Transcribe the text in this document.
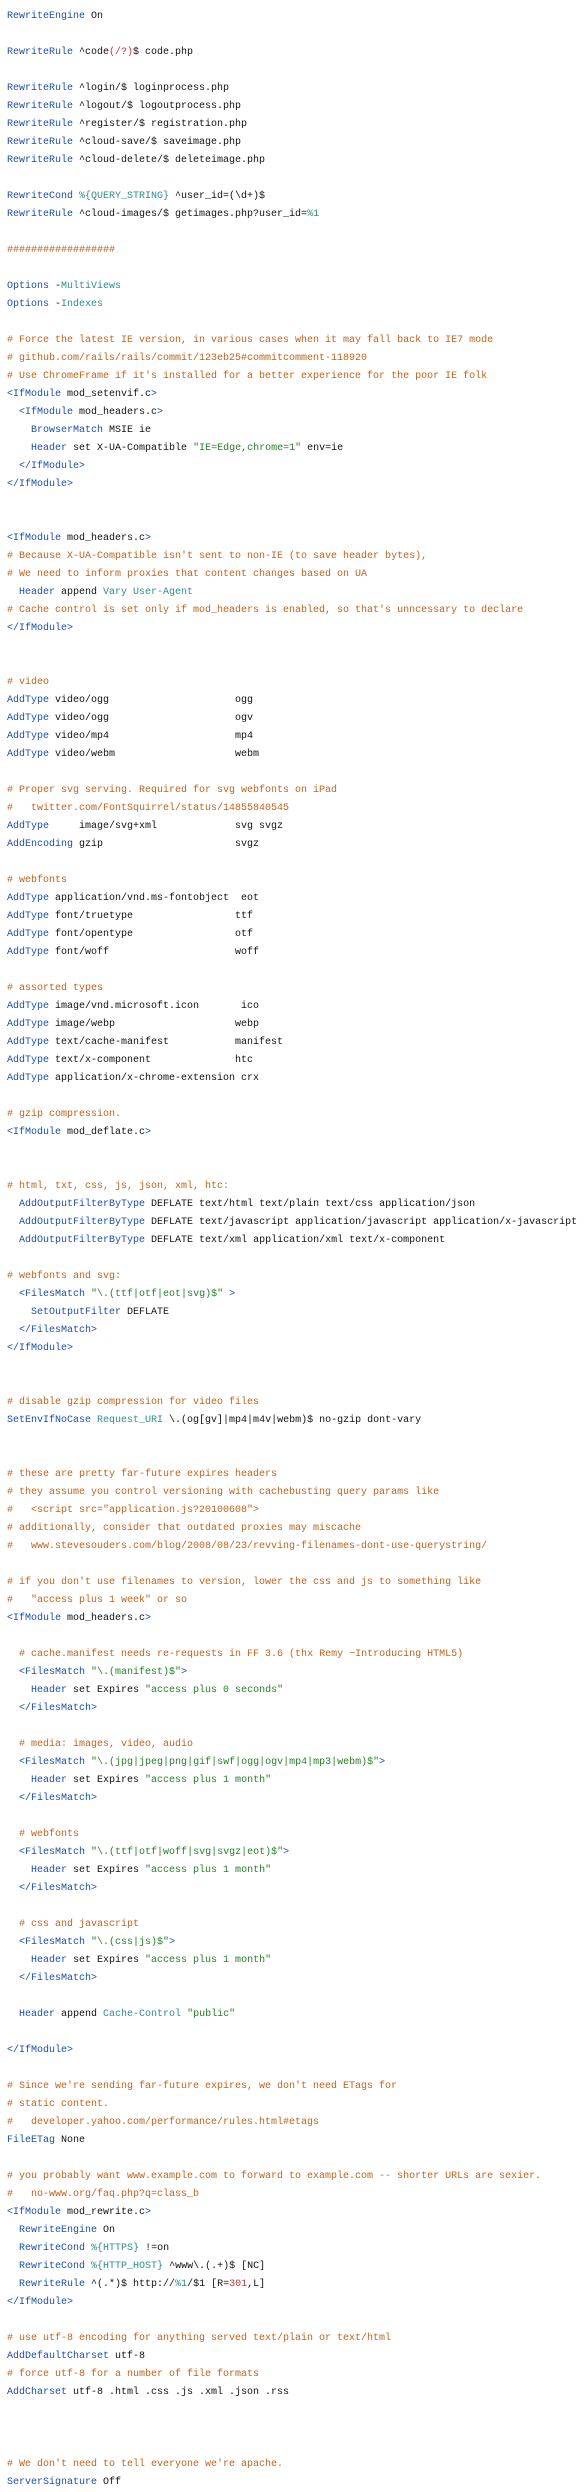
RewriteEngine On

RewriteRule ^code(/?)$ code.php

RewriteRule ^login/$ loginprocess.php
RewriteRule ^logout/$ logoutprocess.php
RewriteRule ^register/$ registration.php
RewriteRule ^cloud-save/$ saveimage.php
RewriteRule ^cloud-delete/$ deleteimage.php

RewriteCond %{QUERY_STRING} ^user_id=(\d+)$
RewriteRule ^cloud-images/$ getimages.php?user_id=%1

##################

Options -MultiViews
Options -Indexes

# Force the latest IE version, in various cases when it may fall back to IE7 mode
# github.com/rails/rails/commit/123eb25#commitcomment-118920
# Use ChromeFrame if it's installed for a better experience for the poor IE folk
<IfModule mod_setenvif.c>
<IfModule mod_headers.c>
BrowserMatch MSIE ie
Header set X-UA-Compatible "IE=Edge,chrome=1" env=ie
</IfModule>
</IfModule>

<IfModule mod_headers.c>
# Because X-UA-Compatible isn't sent to non-IE (to save header bytes),
# We need to inform proxies that content changes based on UA
Header append Vary User-Agent
# Cache control is set only if mod_headers is enabled, so that's unncessary to declare
</IfModule>

# video
AddType video/ogg                     ogg
AddType video/ogg                     ogv
AddType video/mp4                     mp4
AddType video/webm                    webm

# Proper svg serving. Required for svg webfonts on iPad
#   twitter.com/FontSquirrel/status/14855840545
AddType     image/svg+xml             svg svgz
AddEncoding gzip                      svgz

# webfonts
AddType application/vnd.ms-fontobject  eot
AddType font/truetype                 ttf
AddType font/opentype                 otf
AddType font/woff                     woff

# assorted types
AddType image/vnd.microsoft.icon       ico
AddType image/webp                    webp
AddType text/cache-manifest           manifest
AddType text/x-component              htc
AddType application/x-chrome-extension crx

# gzip compression.
<IfModule mod_deflate.c>

# html, txt, css, js, json, xml, htc:
AddOutputFilterByType DEFLATE text/html text/plain text/css application/json
AddOutputFilterByType DEFLATE text/javascript application/javascript application/x-javascript
AddOutputFilterByType DEFLATE text/xml application/xml text/x-component

# webfonts and svg:
<FilesMatch "\.(ttf|otf|eot|svg)$" >
SetOutputFilter DEFLATE
</FilesMatch>
</IfModule>

# disable gzip compression for video files
SetEnvIfNoCase Request_URI \.(og[gv]|mp4|m4v|webm)$ no-gzip dont-vary

# these are pretty far-future expires headers
# they assume you control versioning with cachebusting query params like
#   <script src="application.js?20100608">
# additionally, consider that outdated proxies may miscache
#   www.stevesouders.com/blog/2008/08/23/revving-filenames-dont-use-querystring/

# if you don't use filenames to version, lower the css and js to something like
#   "access plus 1 week" or so
<IfModule mod_headers.c>

# cache.manifest needs re-requests in FF 3.6 (thx Remy ~Introducing HTML5)
<FilesMatch "\.(manifest)$">
Header set Expires "access plus 0 seconds"
</FilesMatch>

# media: images, video, audio
<FilesMatch "\.(jpg|jpeg|png|gif|swf|ogg|ogv|mp4|mp3|webm)$">
Header set Expires "access plus 1 month"
</FilesMatch>

# webfonts
<FilesMatch "\.(ttf|otf|woff|svg|svgz|eot)$">
Header set Expires "access plus 1 month"
</FilesMatch>

# css and javascript
<FilesMatch "\.(css|js)$">
Header set Expires "access plus 1 month"
</FilesMatch>

Header append Cache-Control "public"

</IfModule>

# Since we're sending far-future expires, we don't need ETags for
# static content.
#   developer.yahoo.com/performance/rules.html#etags
FileETag None

# you probably want www.example.com to forward to example.com -- shorter URLs are sexier.
#   no-www.org/faq.php?q=class_b
<IfModule mod_rewrite.c>
RewriteEngine On
RewriteCond %{HTTPS} !=on
RewriteCond %{HTTP_HOST} ^www\.(.+)$ [NC]
RewriteRule ^(.*)$ http://%1/$1 [R=301,L]
</IfModule>

# use utf-8 encoding for anything served text/plain or text/html
AddDefaultCharset utf-8
# force utf-8 for a number of file formats
AddCharset utf-8 .html .css .js .xml .json .rss

# We don't need to tell everyone we're apache.
ServerSignature Off
